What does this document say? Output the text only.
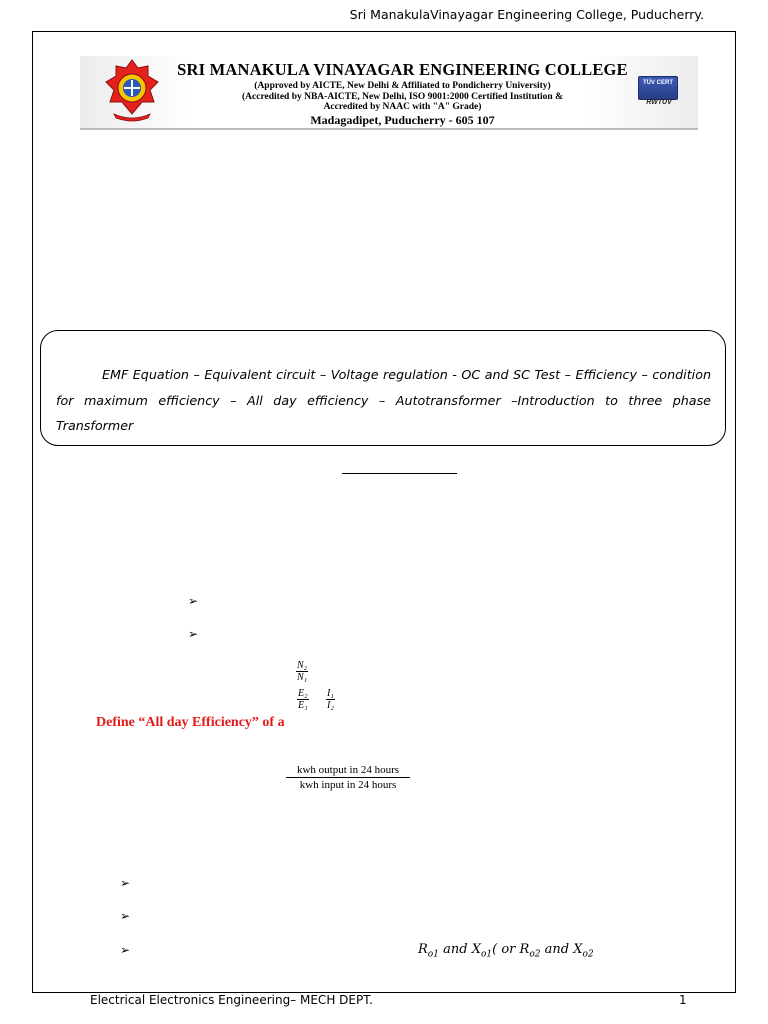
Sri ManakulaVinayagar Engineering College, Puducherry.
SRI MANAKULA VINAYAGAR ENGINEERING COLLEGE
(Approved by AICTE, New Delhi & Affiliated to Pondicherry University)
(Accredited by NBA-AICTE, New Delhi, ISO 9001:2000 Certified Institution &
Accredited by NAAC with "A" Grade)
Madagadipet, Puducherry - 605 107
TÜV CERT
RWTUV
EMF Equation – Equivalent circuit – Voltage regulation - OC and SC Test – Efficiency – condition for maximum efficiency – All day efficiency – Autotransformer –Introduction to three phase Transformer
➢
➢
$\frac{\text{N₂}}{\text{N₁}}$
$\frac{\text{E₂}}{\text{E₁}} \frac{\text{I₁}}{\text{I₂}}$
Define “All day Efficiency” of a
kwh output in 24 hours
kwh input in 24 hours
➢
➢
➢	$R_{o1}$ and $X_{o1}$( or $R_{o2}$ and $X_{o2}$
Electrical Electronics Engineering– MECH DEPT.	1
